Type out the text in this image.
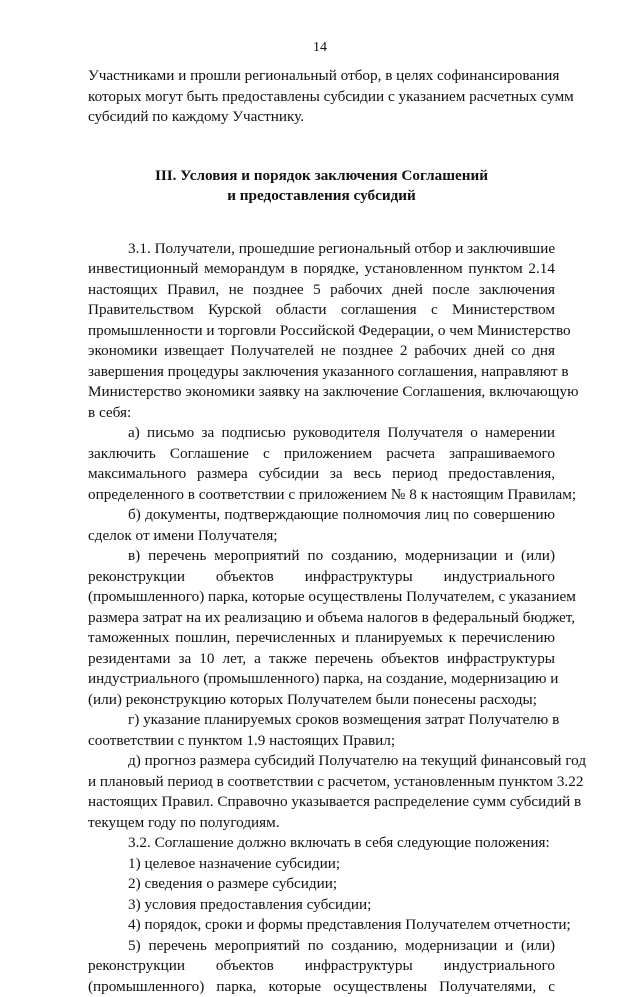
14
Участниками и прошли региональный отбор, в целях софинансирования
которых могут быть предоставлены субсидии с указанием расчетных сумм
субсидий по каждому Участнику.
III. Условия и порядок заключения Соглашений
и предоставления субсидий
3.1. Получатели, прошедшие региональный отбор и заключившие
инвестиционный меморандум в порядке, установленном пунктом 2.14
настоящих Правил, не позднее 5 рабочих дней после заключения
Правительством Курской области соглашения с Министерством
промышленности и торговли Российской Федерации, о чем Министерство
экономики извещает Получателей не позднее 2 рабочих дней со дня
завершения процедуры заключения указанного соглашения, направляют в
Министерство экономики заявку на заключение Соглашения, включающую
в себя:
а) письмо за подписью руководителя Получателя о намерении
заключить Соглашение с приложением расчета запрашиваемого
максимального размера субсидии за весь период предоставления,
определенного в соответствии с приложением № 8 к настоящим Правилам;
б) документы, подтверждающие полномочия лиц по совершению
сделок от имени Получателя;
в) перечень мероприятий по созданию, модернизации и (или)
реконструкции объектов инфраструктуры индустриального
(промышленного) парка, которые осуществлены Получателем, с указанием
размера затрат на их реализацию и объема налогов в федеральный бюджет,
таможенных пошлин, перечисленных и планируемых к перечислению
резидентами за 10 лет, а также перечень объектов инфраструктуры
индустриального (промышленного) парка, на создание, модернизацию и
(или) реконструкцию которых Получателем были понесены расходы;
г) указание планируемых сроков возмещения затрат Получателю в
соответствии с пунктом 1.9 настоящих Правил;
д) прогноз размера субсидий Получателю на текущий финансовый год
и плановый период в соответствии с расчетом, установленным пунктом 3.22
настоящих Правил. Справочно указывается распределение сумм субсидий в
текущем году по полугодиям.
3.2. Соглашение должно включать в себя следующие положения:
1) целевое назначение субсидии;
2) сведения о размере субсидии;
3) условия предоставления субсидии;
4) порядок, сроки и формы представления Получателем отчетности;
5) перечень мероприятий по созданию, модернизации и (или)
реконструкции объектов инфраструктуры индустриального
(промышленного) парка, которые осуществлены Получателями, с
